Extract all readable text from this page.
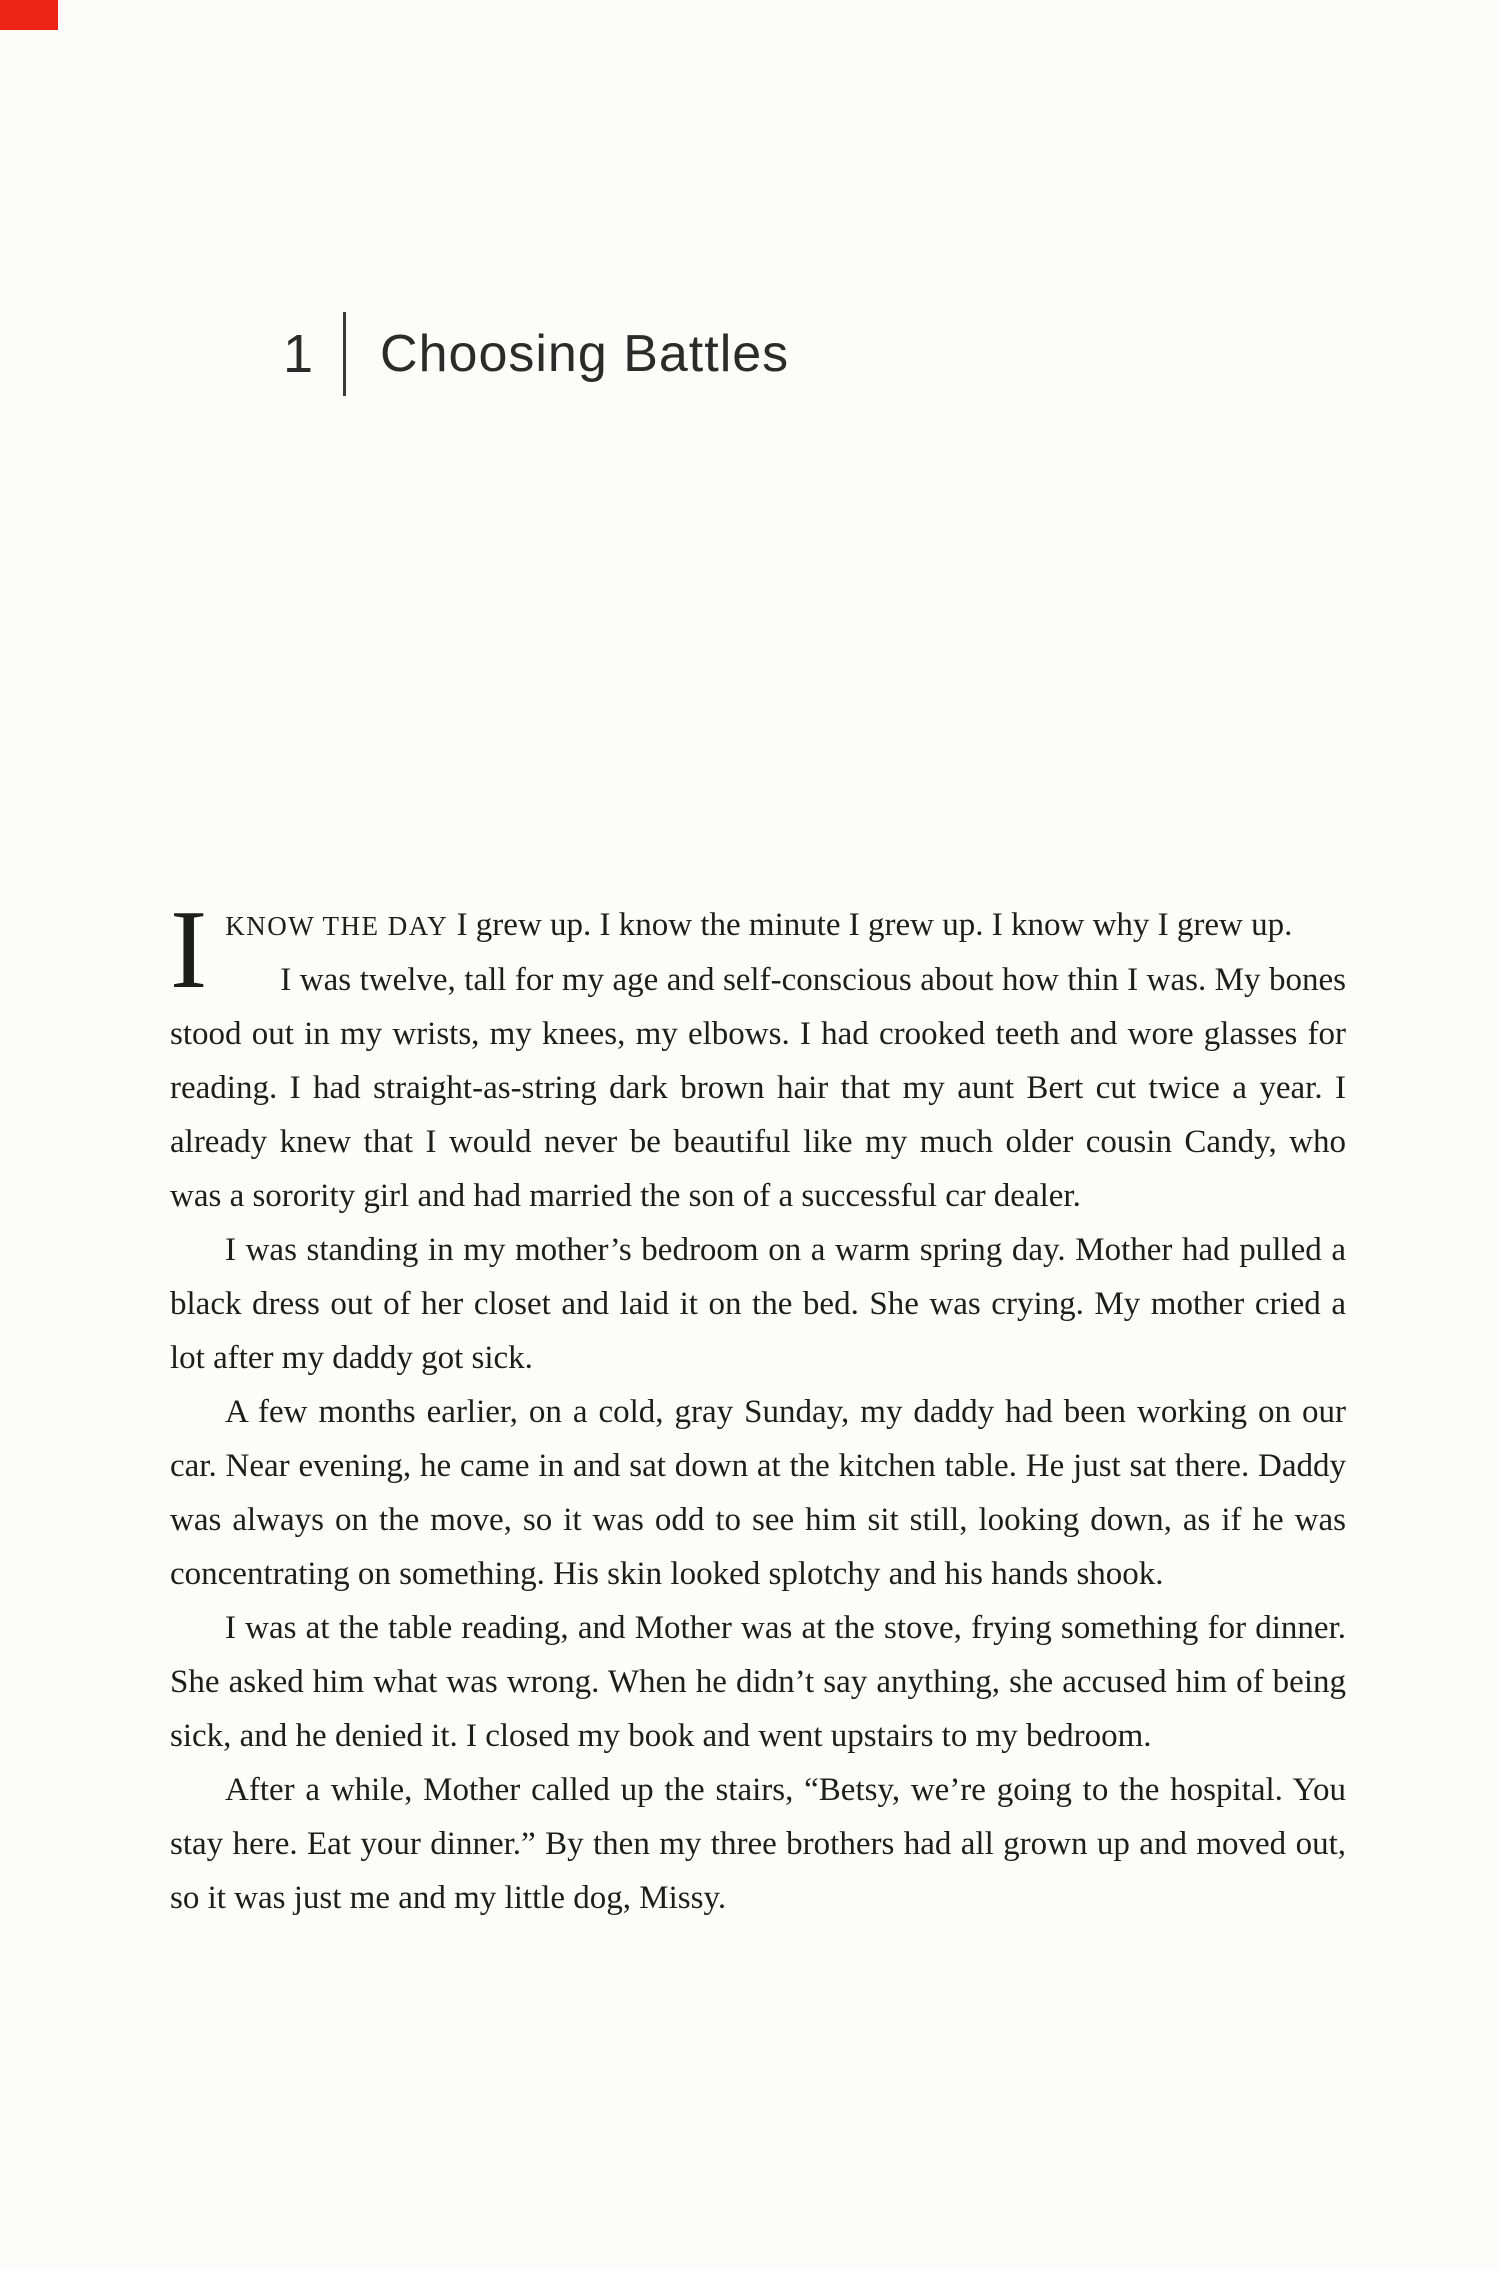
1 Choosing Battles

IKNOW THE DAY I grew up. I know the minute I grew up. I know why I grew up.

I was twelve, tall for my age and self-conscious about how thin I was. My bones stood out in my wrists, my knees, my elbows. I had crooked teeth and wore glasses for reading. I had straight-as-string dark brown hair that my aunt Bert cut twice a year. I already knew that I would never be beautiful like my much older cousin Candy, who was a sorority girl and had married the son of a successful car dealer.

I was standing in my mother’s bedroom on a warm spring day. Mother had pulled a black dress out of her closet and laid it on the bed. She was crying. My mother cried a lot after my daddy got sick.

A few months earlier, on a cold, gray Sunday, my daddy had been working on our car. Near evening, he came in and sat down at the kitchen table. He just sat there. Daddy was always on the move, so it was odd to see him sit still, looking down, as if he was concentrating on something. His skin looked splotchy and his hands shook.

I was at the table reading, and Mother was at the stove, frying something for dinner. She asked him what was wrong. When he didn’t say anything, she accused him of being sick, and he denied it. I closed my book and went upstairs to my bedroom.

After a while, Mother called up the stairs, “Betsy, we’re going to the hospital. You stay here. Eat your dinner.” By then my three brothers had all grown up and moved out, so it was just me and my little dog, Missy.
